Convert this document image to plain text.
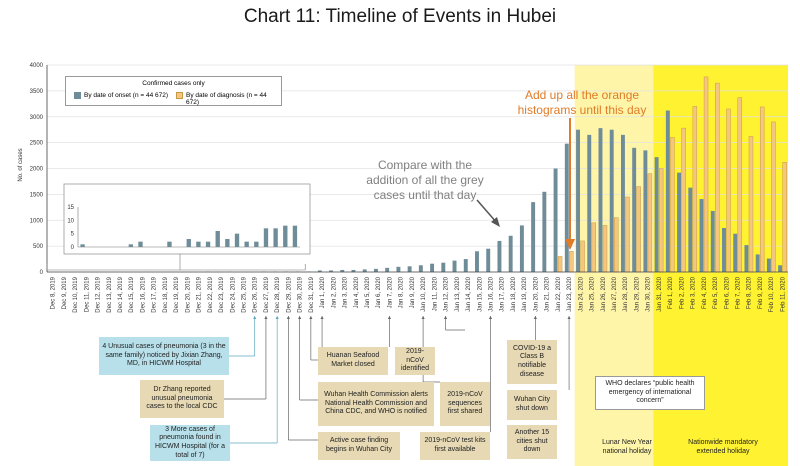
Chart 11: Timeline of Events in Hubei
0
500
1000
1500
2000
2500
3000
3500
4000
Dec 8, 2019 Dec 9, 2019 Dec 10, 2019 Dec 11, 2019 Dec 12, 2019 Dec 13, 2019 Dec 14, 2019 Dec 15, 2019 Dec 16, 2019 Dec 17, 2019 Dec 18, 2019 Dec 19, 2019 Dec 20, 2019 Dec 21, 2019 Dec 22, 2019 Dec 23, 2019 Dec 24, 2019 Dec 25, 2019 Dec 26, 2019 Dec 27, 2019 Dec 28, 2019 Dec 29, 2019 Dec 30, 2019 Dec 31, 2019 Jan 1, 2020 Jan 2, 2020 Jan 3, 2020 Jan 4, 2020 Jan 5, 2020 Jan 6, 2020 Jan 7, 2020 Jan 8, 2020 Jan 9, 2020 Jan 10, 2020 Jan 11, 2020 Jan 12, 2020 Jan 13, 2020 Jan 14, 2020 Jan 15, 2020 Jan 16, 2020 Jan 17, 2020 Jan 18, 2020 Jan 19, 2020 Jan 20, 2020 Jan 21, 2020 Jan 22, 2020 Jan 23, 2020 Jan 24, 2020 Jan 25, 2020 Jan 26, 2020 Jan 27, 2020 Jan 28, 2020 Jan 29, 2020 Jan 30, 2020 Jan 31, 2020 Feb 1, 2020 Feb 2, 2020 Feb 3, 2020 Feb 4, 2020 Feb 5, 2020 Feb 6, 2020 Feb 7, 2020 Feb 8, 2020 Feb 9, 2020 Feb 10, 2020 Feb 11, 2020
0
5
10
15
Add up all the orange
histograms until this day
Compare with the
addition of all the grey
cases until that day
No. of cases
Confirmed cases only
By date of onset (n = 44 672)	By date of diagnosis (n = 44 672)
4 Unusual cases of pneumonia (3 in the same family) noticed by Jixian Zhang, MD, in HICWM Hospital
Dr Zhang reported unusual pneumonia cases to the local CDC
3 More cases of pneumonia found in HICWM Hospital (for a total of 7)
Huanan Seafood Market closed
Wuhan Health Commission alerts National Health Commission and China CDC, and WHO is notified
Active case finding begins in Wuhan City
2019-nCoV identified
2019-nCoV sequences first shared
2019-nCoV test kits first available
COVID-19 a Class B notifiable disease
Wuhan City shut down
Another 15 cities shut down
WHO declares “public health emergency of international concern”
Lunar New Year national holiday
Nationwide mandatory extended holiday
